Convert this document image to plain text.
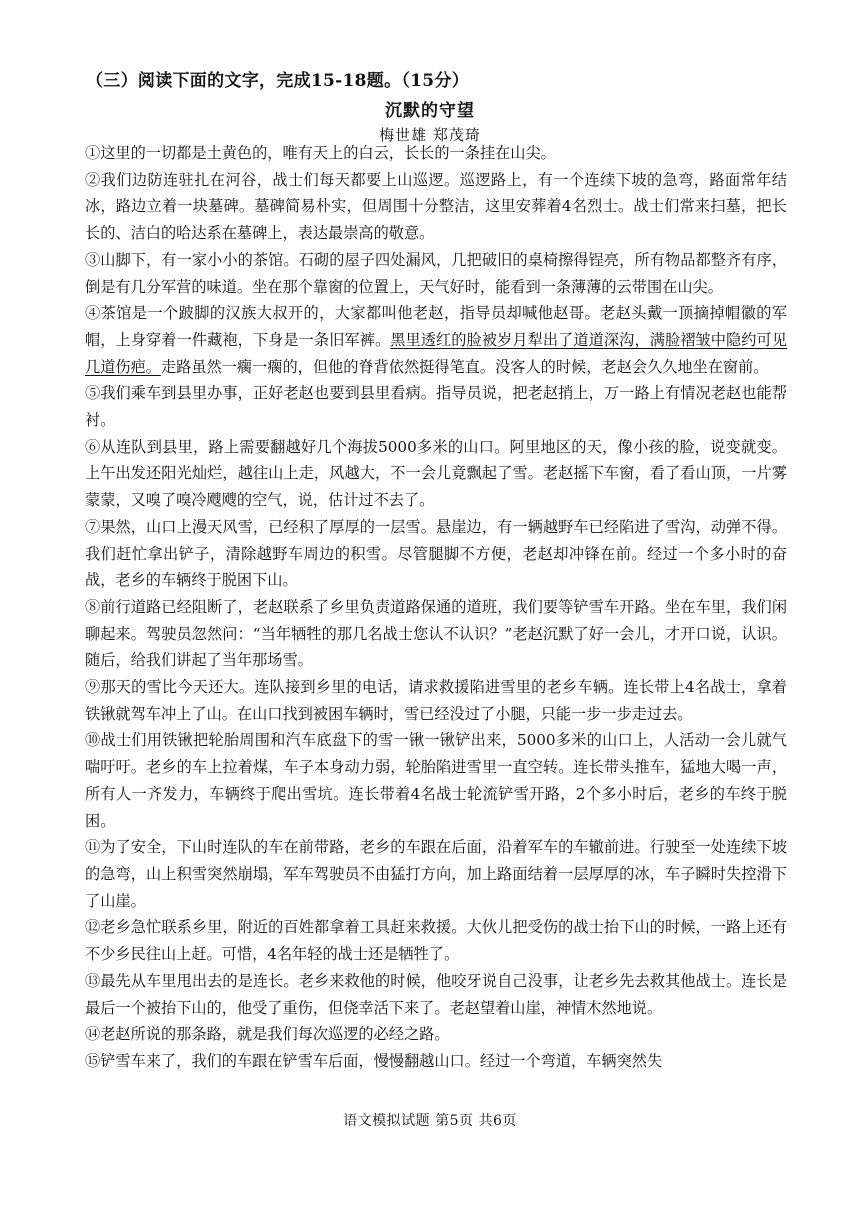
（三）阅读下面的文字，完成15-18题。（15分）
沉默的守望
梅世雄 郑茂琦

①这里的一切都是土黄色的，唯有天上的白云，长长的一条挂在山尖。

②我们边防连驻扎在河谷，战士们每天都要上山巡逻。巡逻路上，有一个连续下坡的急弯，路面常年结冰，路边立着一块墓碑。墓碑简易朴实，但周围十分整洁，这里安葬着4名烈士。战士们常来扫墓，把长长的、洁白的哈达系在墓碑上，表达最崇高的敬意。

③山脚下，有一家小小的茶馆。石砌的屋子四处漏风，几把破旧的桌椅擦得锃亮，所有物品都整齐有序，倒是有几分军营的味道。坐在那个靠窗的位置上，天气好时，能看到一条薄薄的云带围在山尖。

④茶馆是一个跛脚的汉族大叔开的，大家都叫他老赵，指导员却喊他赵哥。老赵头戴一顶摘掉帽徽的军帽，上身穿着一件藏袍，下身是一条旧军裤。黑里透红的脸被岁月犁出了道道深沟，满脸褶皱中隐约可见几道伤疤。走路虽然一瘸一瘸的，但他的脊背依然挺得笔直。没客人的时候，老赵会久久地坐在窗前。

⑤我们乘车到县里办事，正好老赵也要到县里看病。指导员说，把老赵捎上，万一路上有情况老赵也能帮衬。

⑥从连队到县里，路上需要翻越好几个海拔5000多米的山口。阿里地区的天，像小孩的脸，说变就变。上午出发还阳光灿烂，越往山上走，风越大，不一会儿竟飘起了雪。老赵摇下车窗，看了看山顶，一片雾蒙蒙，又嗅了嗅冷飕飕的空气，说，估计过不去了。

⑦果然，山口上漫天风雪，已经积了厚厚的一层雪。悬崖边，有一辆越野车已经陷进了雪沟，动弹不得。我们赶忙拿出铲子，清除越野车周边的积雪。尽管腿脚不方便，老赵却冲锋在前。经过一个多小时的奋战，老乡的车辆终于脱困下山。

⑧前行道路已经阻断了，老赵联系了乡里负责道路保通的道班，我们要等铲雪车开路。坐在车里，我们闲聊起来。驾驶员忽然问：“当年牺牲的那几名战士您认不认识？”老赵沉默了好一会儿，才开口说，认识。随后，给我们讲起了当年那场雪。

⑨那天的雪比今天还大。连队接到乡里的电话，请求救援陷进雪里的老乡车辆。连长带上4名战士，拿着铁锹就驾车冲上了山。在山口找到被困车辆时，雪已经没过了小腿，只能一步一步走过去。

⑩战士们用铁锹把轮胎周围和汽车底盘下的雪一锹一锹铲出来，5000多米的山口上，人活动一会儿就气喘吁吁。老乡的车上拉着煤，车子本身动力弱，轮胎陷进雪里一直空转。连长带头推车，猛地大喝一声，所有人一齐发力，车辆终于爬出雪坑。连长带着4名战士轮流铲雪开路，2个多小时后，老乡的车终于脱困。

⑪为了安全，下山时连队的车在前带路，老乡的车跟在后面，沿着军车的车辙前进。行驶至一处连续下坡的急弯，山上积雪突然崩塌，军车驾驶员不由猛打方向，加上路面结着一层厚厚的冰，车子瞬时失控滑下了山崖。

⑫老乡急忙联系乡里，附近的百姓都拿着工具赶来救援。大伙儿把受伤的战士抬下山的时候，一路上还有不少乡民往山上赶。可惜，4名年轻的战士还是牺牲了。

⑬最先从车里甩出去的是连长。老乡来救他的时候，他咬牙说自己没事，让老乡先去救其他战士。连长是最后一个被抬下山的，他受了重伤，但侥幸活下来了。老赵望着山崖，神情木然地说。

⑭老赵所说的那条路，就是我们每次巡逻的必经之路。

⑮铲雪车来了，我们的车跟在铲雪车后面，慢慢翻越山口。经过一个弯道，车辆突然失

语文模拟试题 第5页 共6页
